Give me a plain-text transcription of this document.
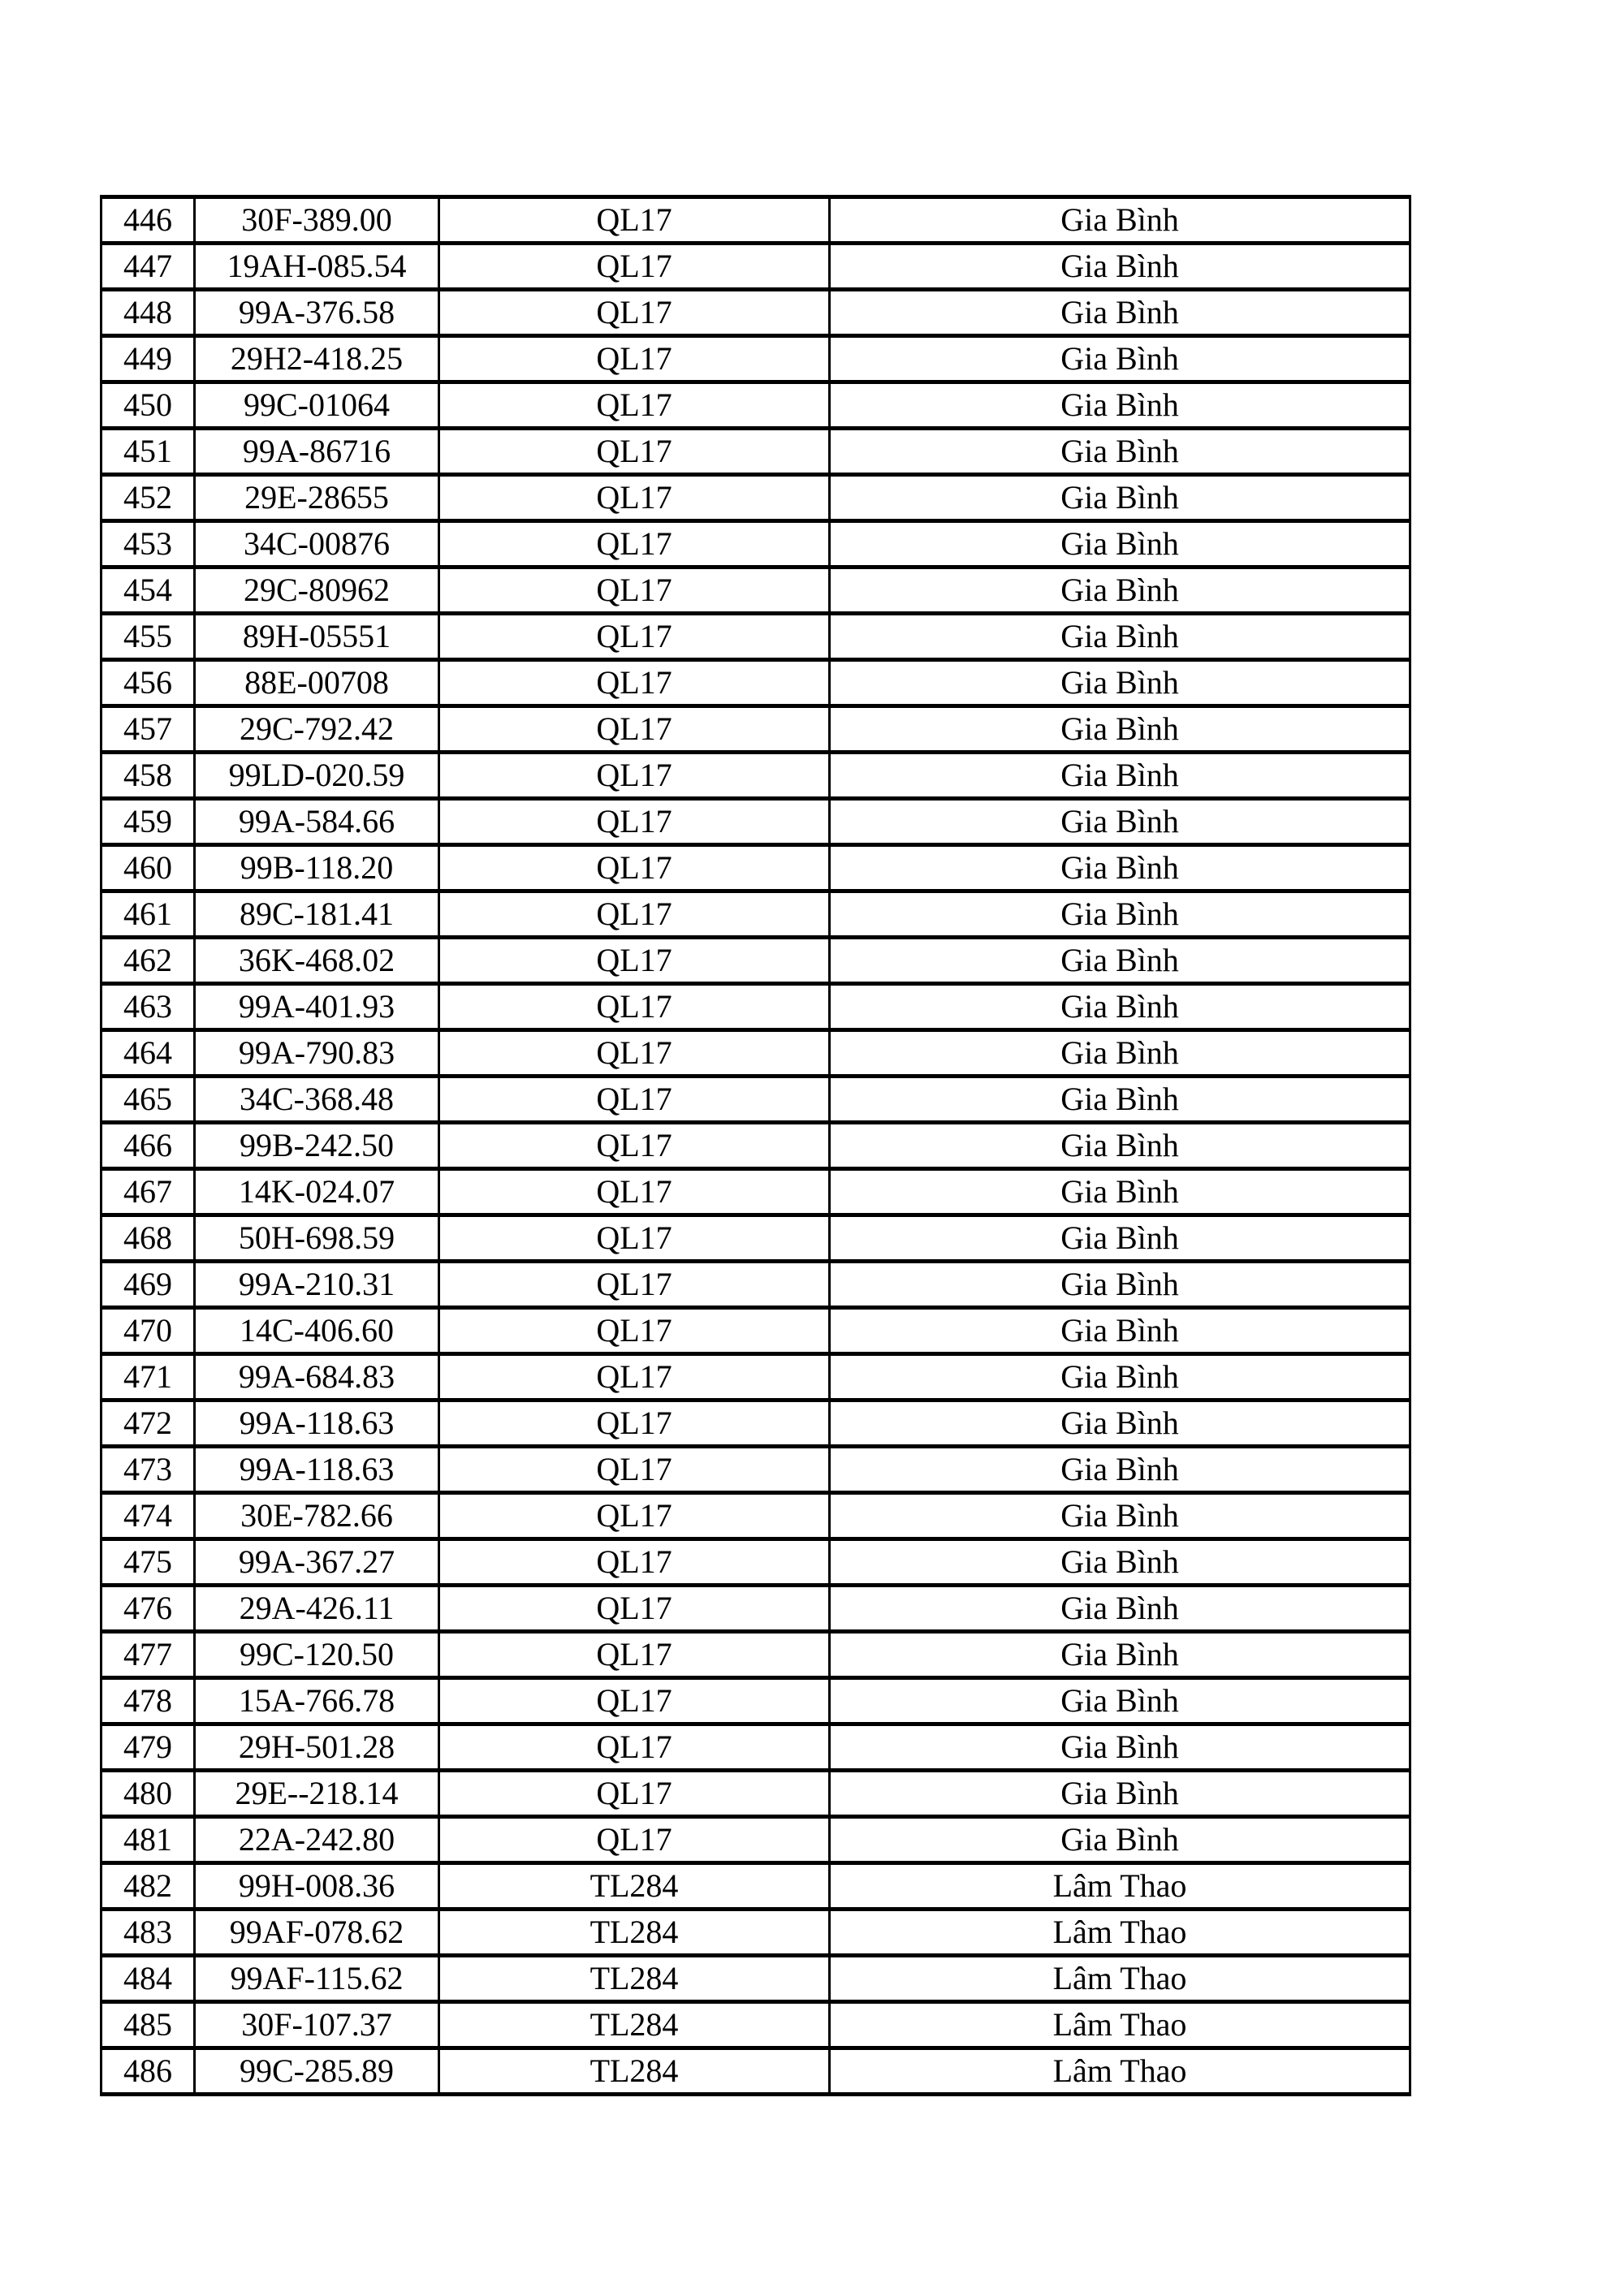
446	30F-389.00	QL17	Gia Bình
447	19AH-085.54	QL17	Gia Bình
448	99A-376.58	QL17	Gia Bình
449	29H2-418.25	QL17	Gia Bình
450	99C-01064	QL17	Gia Bình
451	99A-86716	QL17	Gia Bình
452	29E-28655	QL17	Gia Bình
453	34C-00876	QL17	Gia Bình
454	29C-80962	QL17	Gia Bình
455	89H-05551	QL17	Gia Bình
456	88E-00708	QL17	Gia Bình
457	29C-792.42	QL17	Gia Bình
458	99LD-020.59	QL17	Gia Bình
459	99A-584.66	QL17	Gia Bình
460	99B-118.20	QL17	Gia Bình
461	89C-181.41	QL17	Gia Bình
462	36K-468.02	QL17	Gia Bình
463	99A-401.93	QL17	Gia Bình
464	99A-790.83	QL17	Gia Bình
465	34C-368.48	QL17	Gia Bình
466	99B-242.50	QL17	Gia Bình
467	14K-024.07	QL17	Gia Bình
468	50H-698.59	QL17	Gia Bình
469	99A-210.31	QL17	Gia Bình
470	14C-406.60	QL17	Gia Bình
471	99A-684.83	QL17	Gia Bình
472	99A-118.63	QL17	Gia Bình
473	99A-118.63	QL17	Gia Bình
474	30E-782.66	QL17	Gia Bình
475	99A-367.27	QL17	Gia Bình
476	29A-426.11	QL17	Gia Bình
477	99C-120.50	QL17	Gia Bình
478	15A-766.78	QL17	Gia Bình
479	29H-501.28	QL17	Gia Bình
480	29E--218.14	QL17	Gia Bình
481	22A-242.80	QL17	Gia Bình
482	99H-008.36	TL284	Lâm Thao
483	99AF-078.62	TL284	Lâm Thao
484	99AF-115.62	TL284	Lâm Thao
485	30F-107.37	TL284	Lâm Thao
486	99C-285.89	TL284	Lâm Thao
